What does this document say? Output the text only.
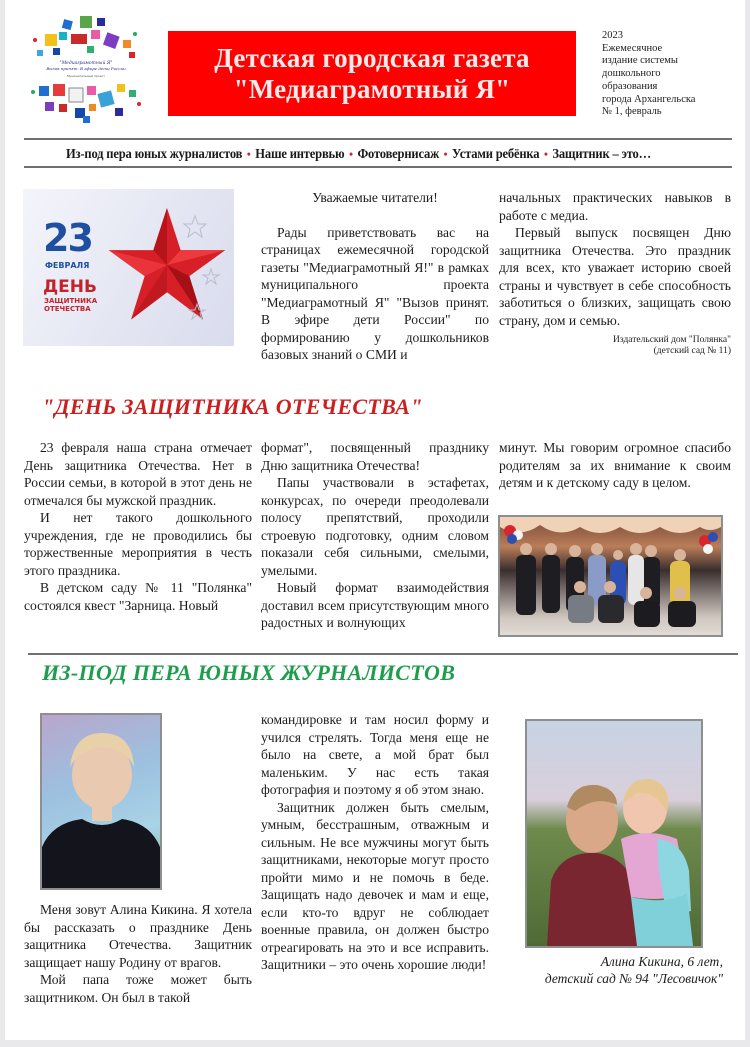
"Медиаграмотный Я"
Вызов принят. В эфире дети России
Муниципальный проект
Детская городская газета
"Медиаграмотный Я"
2023
Ежемесячное
издание системы
дошкольного
образования
города Архангельска
№ 1, февраль
Из-под пера юных журналистов • Наше интервью • Фотовернисаж • Устами ребёнка • Защитник – это…
23
ФЕВРАЛЯ
ДЕНЬ
ЗАЩИТНИКА
ОТЕЧЕСТВА

Уважаемые читатели!

Рады приветствовать вас на страницах ежемесячной городской газеты "Медиаграмотный Я!" в рамках муниципального проекта "Медиаграмотный Я" "Вызов принят. В эфире дети России" по формированию у дошкольников базовых знаний о СМИ и

начальных практических навыков в работе с медиа.

Первый выпуск посвящен Дню защитника Отечества. Это праздник для всех, кто уважает историю своей страны и чувствует в себе способность заботиться о близких, защищать свою страну, дом и семью.

Издательский дом "Полянка"
(детский сад № 11)
"ДЕНЬ ЗАЩИТНИКА ОТЕЧЕСТВА"

23 февраля наша страна отмечает День защитника Отечества. Нет в России семьи, в которой в этот день не отмечался бы мужской праздник.

И нет такого дошкольного учреждения, где не проводились бы торжественные мероприятия в честь этого праздника.

В детском саду № 11 "Полянка" состоялся квест "Зарница. Новый

формат", посвященный празднику Дню защитника Отечества!

Папы участвовали в эстафетах, конкурсах, по очереди преодолевали полосу препятствий, проходили строевую подготовку, одним словом показали себя сильными, смелыми, умелыми.

Новый формат взаимодействия доставил всем присутствующим много радостных и волнующих

минут. Мы говорим огромное спасибо родителям за их внимание к своим детям и к детскому саду в целом.

ИЗ-ПОД ПЕРА ЮНЫХ ЖУРНАЛИСТОВ

Меня зовут Алина Кикина. Я хотела бы рассказать о празднике День защитника Отечества. Защитник защищает нашу Родину от врагов.

Мой папа тоже может быть защитником. Он был в такой

командировке и там носил форму и учился стрелять. Тогда меня еще не было на свете, а мой брат был маленьким. У нас есть такая фотография и поэтому я об этом знаю.

Защитник должен быть смелым, умным, бесстрашным, отважным и сильным. Не все мужчины могут быть защитниками, некоторые могут просто пройти мимо и не помочь в беде. Защищать надо девочек и мам и еще, если кто-то вдруг не соблюдает военные правила, он должен быстро отреагировать на это и все исправить. Защитники – это очень хорошие люди!	Алина Кикина, 6 лет,
детский сад № 94 "Лесовичок"
